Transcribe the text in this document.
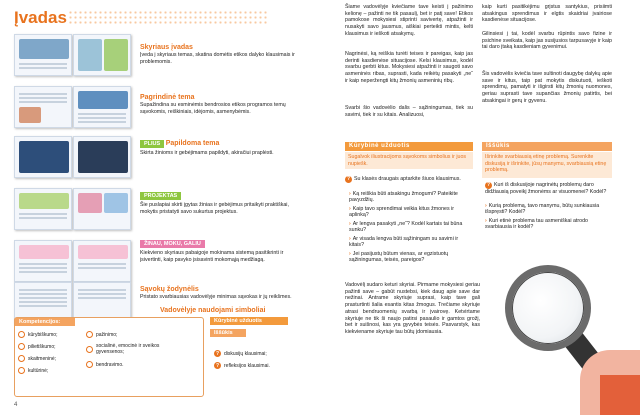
Įvadas
Skyriaus įvadas
Įveda į skyriaus temas, skatina domėtis etikos dalyko klausimais ir problemomis.
Pagrindinė tema
Supažindina su esminėmis bendrosios etikos programos temų sąvokomis, reiškiniais, idėjomis, asmenybėmis.
PLIUS Papildoma tema
Skirta žinioms ir gebėjimams papildyti, akiračiui praplėsti.
PROJEKTAS
Šie puslapiai skirti įgytas žinias ir gebėjimus pritaikyti praktiškai, mokytis pristatyti savo sukurtus projektus.
ŽINAU, MOKU, GALIU
Kiekvieno skyriaus pabaigoje mokinama sistemą pasitikrinti ir įsivertinti, kaip pavyko įsisavinti mokomąją medžiagą.
Sąvokų žodynėlis
Pristato svarbiausias vadovėlyje minimas sąvokas ir jų reikšmes.
Vadovėlyje naudojami simboliai
Kompetencijos:
kūrybiškumo;
pilietiškumo;
skaitmeninė;
kultūrinė;
pažinimo;
socialinė, emocinė ir sveikos gyvensenos;
bendravimo.
Kūrybinė užduotis
Iššūkis
? diskusijų klausimai;
? refleksijos klausimai.
4
Šiame vadovėlyje kviečiame tave keisti į pažinimo kelionę – pažinti ne tik pasaulį, bet ir patį save! Etikos pamokose mokysiesi stiprinti savivertę, atpažinti ir nusakyti savo jausmus, aiškiai perteikti mintis, kelti klausimus ir ieškoti atsakymų.
Nagrinėsi, ką reiškia turėti teises ir pareigas, kaip jas derinti kasdienėse situacijose. Kelsi klausimus, kodėl svarbu gerbti kitus. Mokysiesi atpažinti ir saugoti savo asmeninės ribas, suprasti, kada reikėtų pasakyti „ne“ ir kaip neperžengti kitų žmonių asmeninių ribų.
Svarbi šio vadovėlio dalis – sąžiningumas, tiek su savimi, tiek ir su kitais. Analizuosi,
kaip kurti pasitikėjimu grįstus santykius, prisiimti atsakingus sprendimus ir elgtis skaidriai įvairiose kasdienėse situacijose.
Gilinsiesi į tai, kodėl svarbu rūpintis savo fizine ir psichine sveikata, kaip jas susijusios tarpusavyje ir kaip tai daro įtaką kasdieniam gyvenimui.
Šis vadovėlis kviečia tave sultinoti daugybę dalykų apie save ir kitus, taip pat mokytis diskutuoti, ieškoti sprendimų, pamatyti ir išgirsti kitų žmonių nuomones, geriau suprasti tave supančias žmonių patirtis, bei atsakingai ir gerų ir gyvenu.
Kūrybinė užduotis
Sugalvok iliustracijoms sąvokoms simbolius ir juos nupiešk.
? Su klasės draugais aptarkite šiuos klausimus.
› Ką reiškia būti atsakingu žmogumi? Pateikite pavyzdžių.
› Kaip tavo sprendimai veikia kitus žmones ir aplinką?
› Ar lengva pasakyti „ne“? Kodėl kartais tai būna sunku?
› Ar visada lengva būti sąžiningam su savimi ir kitais?
› Jei pasijustų būtum vienas, ar egzistuotų sąžiningumas, teisės, pareigos?
Iššūkis
Išrinkite svarbiausią etinę problemą. Surenkite diskusiją ir išrinkite, jūsų manymu, svarbiausią etinę problemą.
? Kuri iš diskusijoje nagrinėtų problemų daro didžiausią poveikį žmonėms ar visuomenei? Kodėl?
› Kurią problemą, tavo manymu, būtų sunkiausia išspręsti? Kodėl?
› Kuri etinė problema tau asmeniškai atrodo svarbiausia ir kodėl?
Vadovėlį sudaro keturi skyriai. Pirmame mokysiesi geriau pažinti save – gabūt nustebsi, kiek daug apie save dar nežinai. Antrame skyriuje suprasi, kaip tave gali prasturtinti šalia esantis kitas žmogus. Trečiame skyriuje atrasi bendruomenių svarbą ir įvairovę. Ketvirtame skyriuje ne tik ši naujo patirsi pasaulio ir gamtos grožį, bet ir suišnosi, kas yra gyvybės teisės. Pasvarstyk, kas kiekviename skyriuje tau būtų įdomiausia.
